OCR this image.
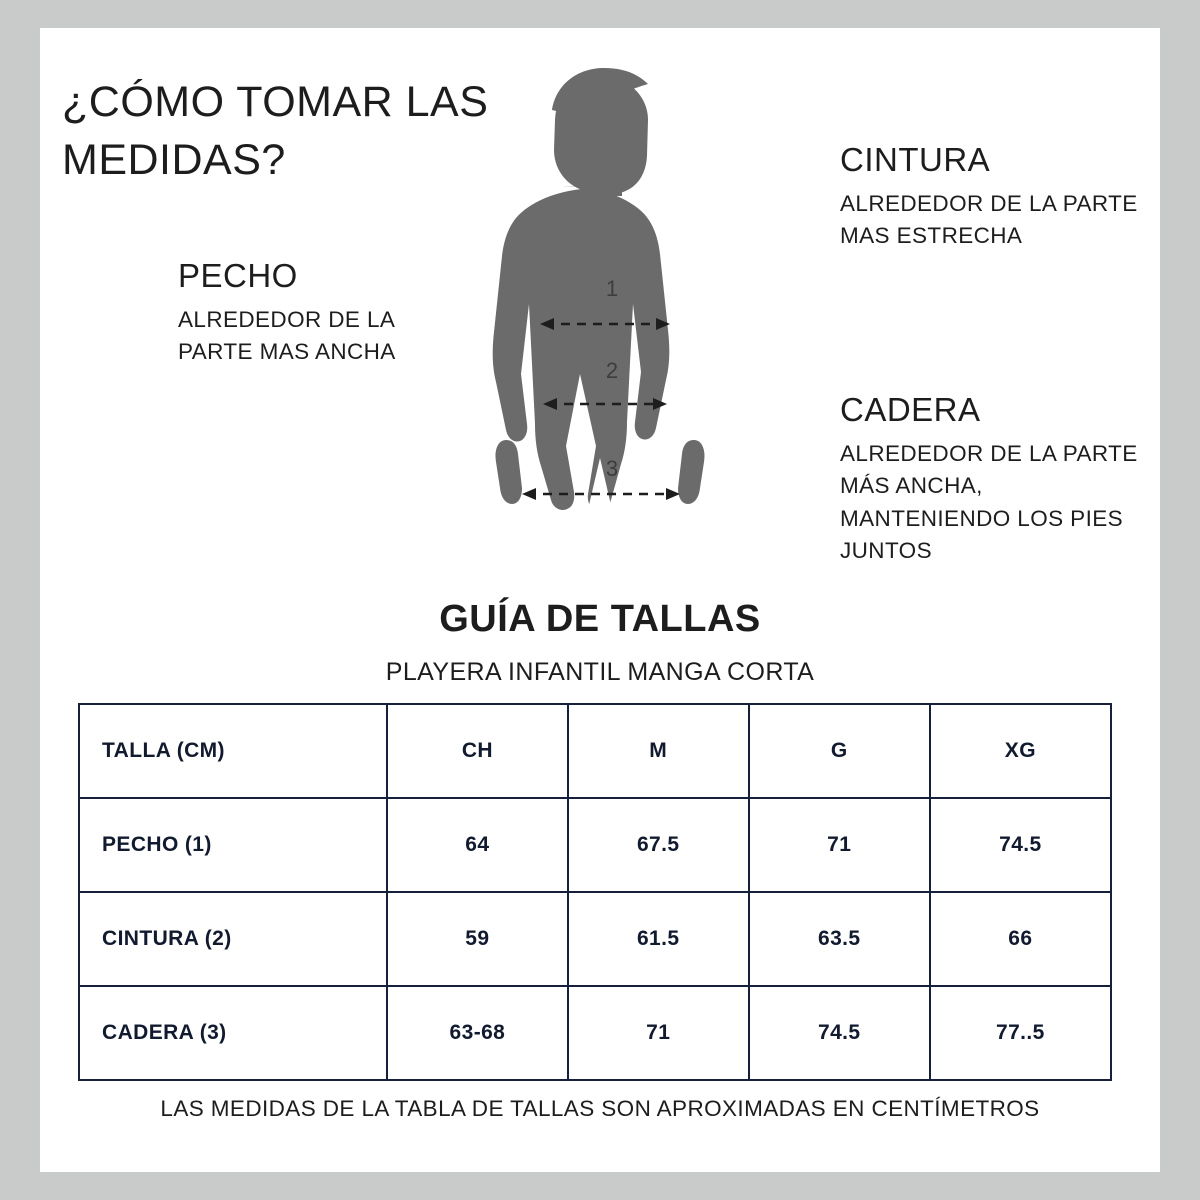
¿CÓMO TOMAR LAS MEDIDAS?
1
2
3
PECHO
ALREDEDOR DE LA PARTE MAS ANCHA
CINTURA
ALREDEDOR DE LA PARTE MAS ESTRECHA
CADERA
ALREDEDOR DE LA PARTE MÁS ANCHA, MANTENIENDO LOS PIES JUNTOS
GUÍA DE TALLAS
PLAYERA INFANTIL MANGA CORTA
TALLA (CM)	CH	M	G	XG
PECHO (1)	64	67.5	71	74.5
CINTURA (2)	59	61.5	63.5	66
CADERA (3)	63-68	71	74.5	77..5
LAS MEDIDAS DE LA TABLA DE TALLAS SON APROXIMADAS EN CENTÍMETROS
